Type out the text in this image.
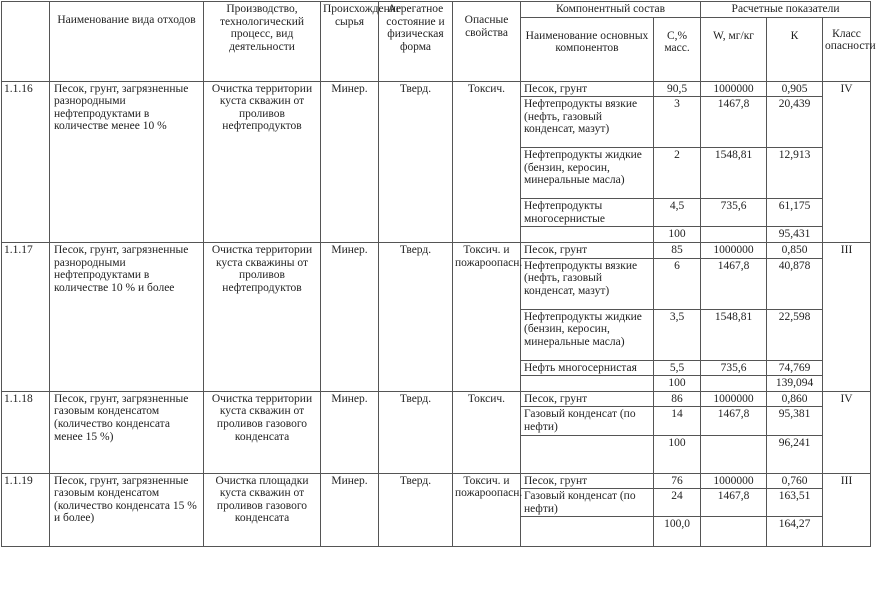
	Наименование вида отходов	Производство, технологический процесс, вид деятельности	Происхождение сырья	Агрегатное состояние и физическая форма	Опасные свойства	Компонентный состав		Расчетные показатели		
						Наименование основных компонентов	С,% масс.	W, мг/кг	К	Класс опасности
1.1.16	Песок, грунт, загрязненные разнородными нефтепродуктами в количестве менее 10 %	Очистка территории куста скважин от проливов нефтепродуктов	Минер.	Тверд.	Токсич.	Песок, грунт	90,5	1000000	0,905	IV
						Нефтепродукты вязкие (нефть, газовый конденсат, мазут)	3	1467,8	20,439	
						Нефтепродукты жидкие (бензин, керосин, минеральные масла)	2	1548,81	12,913	
						Нефтепродукты многосернистые	4,5	735,6	61,175	
							100		95,431	
1.1.17	Песок, грунт, загрязненные разнородными нефтепродуктами в количестве 10 % и более	Очистка территории куста скважины от проливов нефтепродуктов	Минер.	Тверд.	Токсич. и пожароопасн.	Песок, грунт	85	1000000	0,850	III
						Нефтепродукты вязкие (нефть, газовый конденсат, мазут)	6	1467,8	40,878	
						Нефтепродукты жидкие (бензин, керосин, минеральные масла)	3,5	1548,81	22,598	
						Нефть многосернистая	5,5	735,6	74,769	
							100		139,094	
1.1.18	Песок, грунт, загрязненные газовым конденсатом (количество конденсата менее 15 %)	Очистка территории куста скважин от проливов газового конденсата	Минер.	Тверд.	Токсич.	Песок, грунт	86	1000000	0,860	IV
						Газовый конденсат (по нефти)	14	1467,8	95,381	
							100		96,241	
1.1.19	Песок, грунт, загрязненные газовым конденсатом (количество конденсата 15 % и более)	Очистка площадки куста скважин от проливов газового конденсата	Минер.	Тверд.	Токсич. и пожароопасн.	Песок, грунт	76	1000000	0,760	III
						Газовый конденсат (по нефти)	24	1467,8	163,51	
							100,0		164,27	
